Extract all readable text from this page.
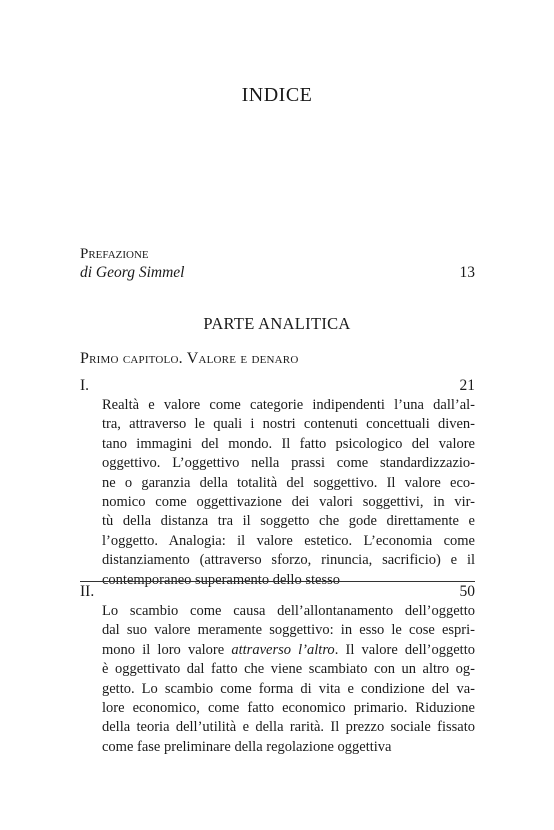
INDICE
Prefazione
di Georg Simmel	13
PARTE ANALITICA
Primo capitolo. Valore e denaro
I.	21
Realtà e valore come categorie indipendenti l’una dall’al-
tra, attraverso le quali i nostri contenuti concettuali diven-
tano immagini del mondo. Il fatto psicologico del valore
oggettivo. L’oggettivo nella prassi come standardizzazio-
ne o garanzia della totalità del soggettivo. Il valore eco-
nomico come oggettivazione dei valori soggettivi, in vir-
tù della distanza tra il soggetto che gode direttamente e
l’oggetto. Analogia: il valore estetico. L’economia come
distanziamento (attraverso sforzo, rinuncia, sacrificio) e il
contemporaneo superamento dello stesso
II.	50
Lo scambio come causa dell’allontanamento dell’oggetto
dal suo valore meramente soggettivo: in esso le cose espri-
mono il loro valore attraverso l’altro. Il valore dell’oggetto
è oggettivato dal fatto che viene scambiato con un altro og-
getto. Lo scambio come forma di vita e condizione del va-
lore economico, come fatto economico primario. Riduzione
della teoria dell’utilità e della rarità. Il prezzo sociale fissato
come fase preliminare della regolazione oggettiva
